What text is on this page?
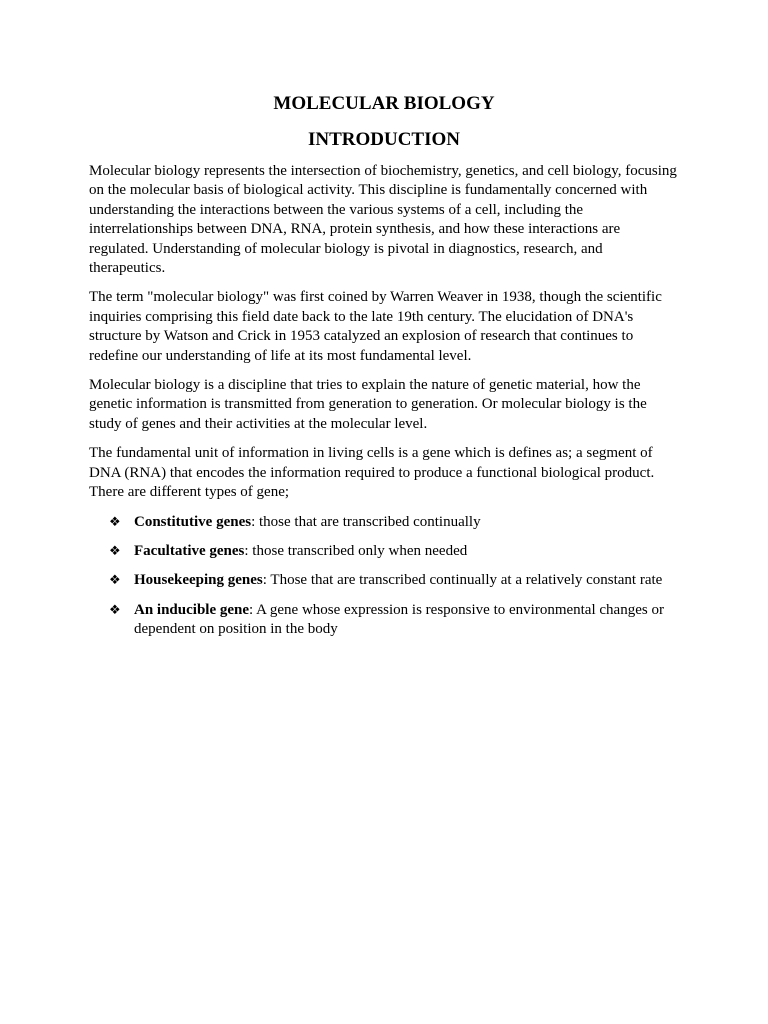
MOLECULAR BIOLOGY
INTRODUCTION

Molecular biology represents the intersection of biochemistry, genetics, and cell biology, focusing on the molecular basis of biological activity. This discipline is fundamentally concerned with understanding the interactions between the various systems of a cell, including the interrelationships between DNA, RNA, protein synthesis, and how these interactions are regulated. Understanding of molecular biology is pivotal in diagnostics, research, and therapeutics.

The term "molecular biology" was first coined by Warren Weaver in 1938, though the scientific inquiries comprising this field date back to the late 19th century. The elucidation of DNA's structure by Watson and Crick in 1953 catalyzed an explosion of research that continues to redefine our understanding of life at its most fundamental level.

Molecular biology is a discipline that tries to explain the nature of genetic material, how the genetic information is transmitted from generation to generation. Or molecular biology is the study of genes and their activities at the molecular level.

The fundamental unit of information in living cells is a gene which is defines as; a segment of DNA (RNA) that encodes the information required to produce a functional biological product. There are different types of gene;

❖ Constitutive genes: those that are transcribed continually
❖ Facultative genes: those transcribed only when needed
❖ Housekeeping genes: Those that are transcribed continually at a relatively constant rate
❖ An inducible gene: A gene whose expression is responsive to environmental changes or dependent on position in the body
